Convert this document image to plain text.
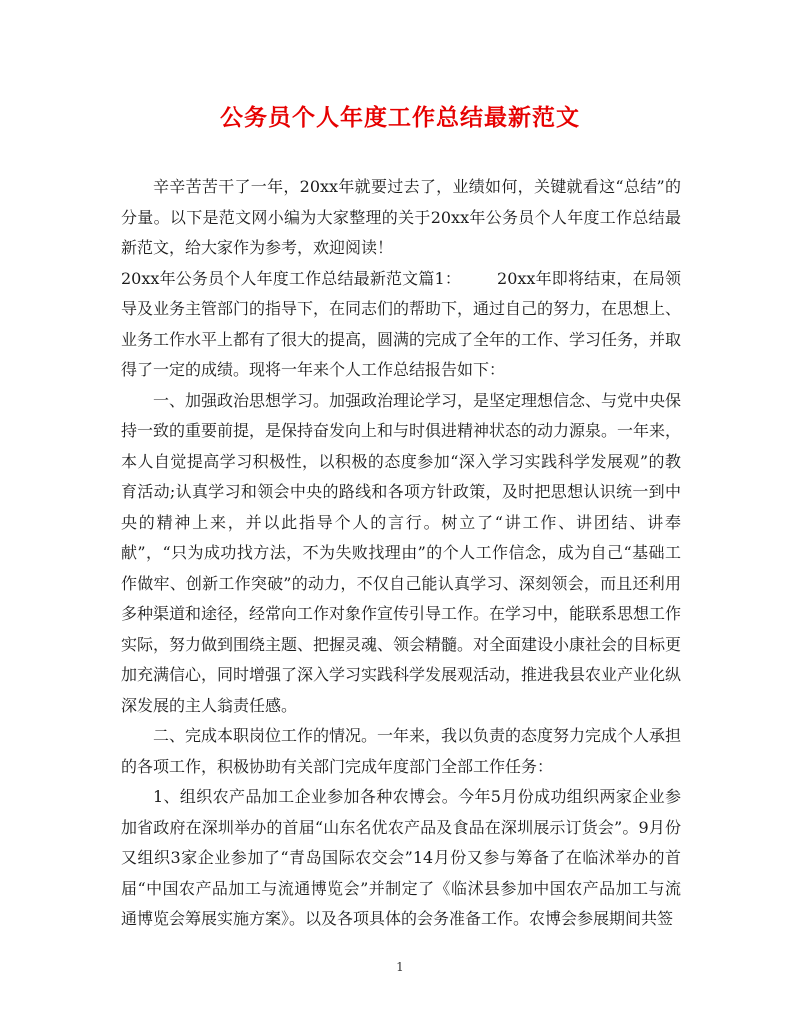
公务员个人年度工作总结最新范文

辛辛苦苦干了一年，20xx年就要过去了，业绩如何，关键就看这“总结”的分量。以下是范文网小编为大家整理的关于20xx年公务员个人年度工作总结最新范文，给大家作为参考，欢迎阅读！

20xx年公务员个人年度工作总结最新范文篇1： 20xx年即将结束，在局领导及业务主管部门的指导下，在同志们的帮助下，通过自己的努力，在思想上、业务工作水平上都有了很大的提高，圆满的完成了全年的工作、学习任务，并取得了一定的成绩。现将一年来个人工作总结报告如下：

一、加强政治思想学习。加强政治理论学习，是坚定理想信念、与党中央保持一致的重要前提，是保持奋发向上和与时俱进精神状态的动力源泉。一年来，本人自觉提高学习积极性，以积极的态度参加“深入学习实践科学发展观”的教育活动;认真学习和领会中央的路线和各项方针政策，及时把思想认识统一到中央的精神上来，并以此指导个人的言行。树立了“讲工作、讲团结、讲奉献”，“只为成功找方法，不为失败找理由”的个人工作信念，成为自己“基础工作做牢、创新工作突破”的动力，不仅自己能认真学习、深刻领会，而且还利用多种渠道和途径，经常向工作对象作宣传引导工作。在学习中，能联系思想工作实际，努力做到围绕主题、把握灵魂、领会精髓。对全面建设小康社会的目标更加充满信心，同时增强了深入学习实践科学发展观活动，推进我县农业产业化纵深发展的主人翁责任感。

二、完成本职岗位工作的情况。一年来，我以负责的态度努力完成个人承担的各项工作，积极协助有关部门完成年度部门全部工作任务：

1、组织农产品加工企业参加各种农博会。今年5月份成功组织两家企业参加省政府在深圳举办的首届“山东名优农产品及食品在深圳展示订货会”。9月份又组织3家企业参加了“青岛国际农交会”14月份又参与筹备了在临沭举办的首届“中国农产品加工与流通博览会”并制定了《临沭县参加中国农产品加工与流通博览会筹展实施方案》。以及各项具体的会务准备工作。农博会参展期间共签

1
